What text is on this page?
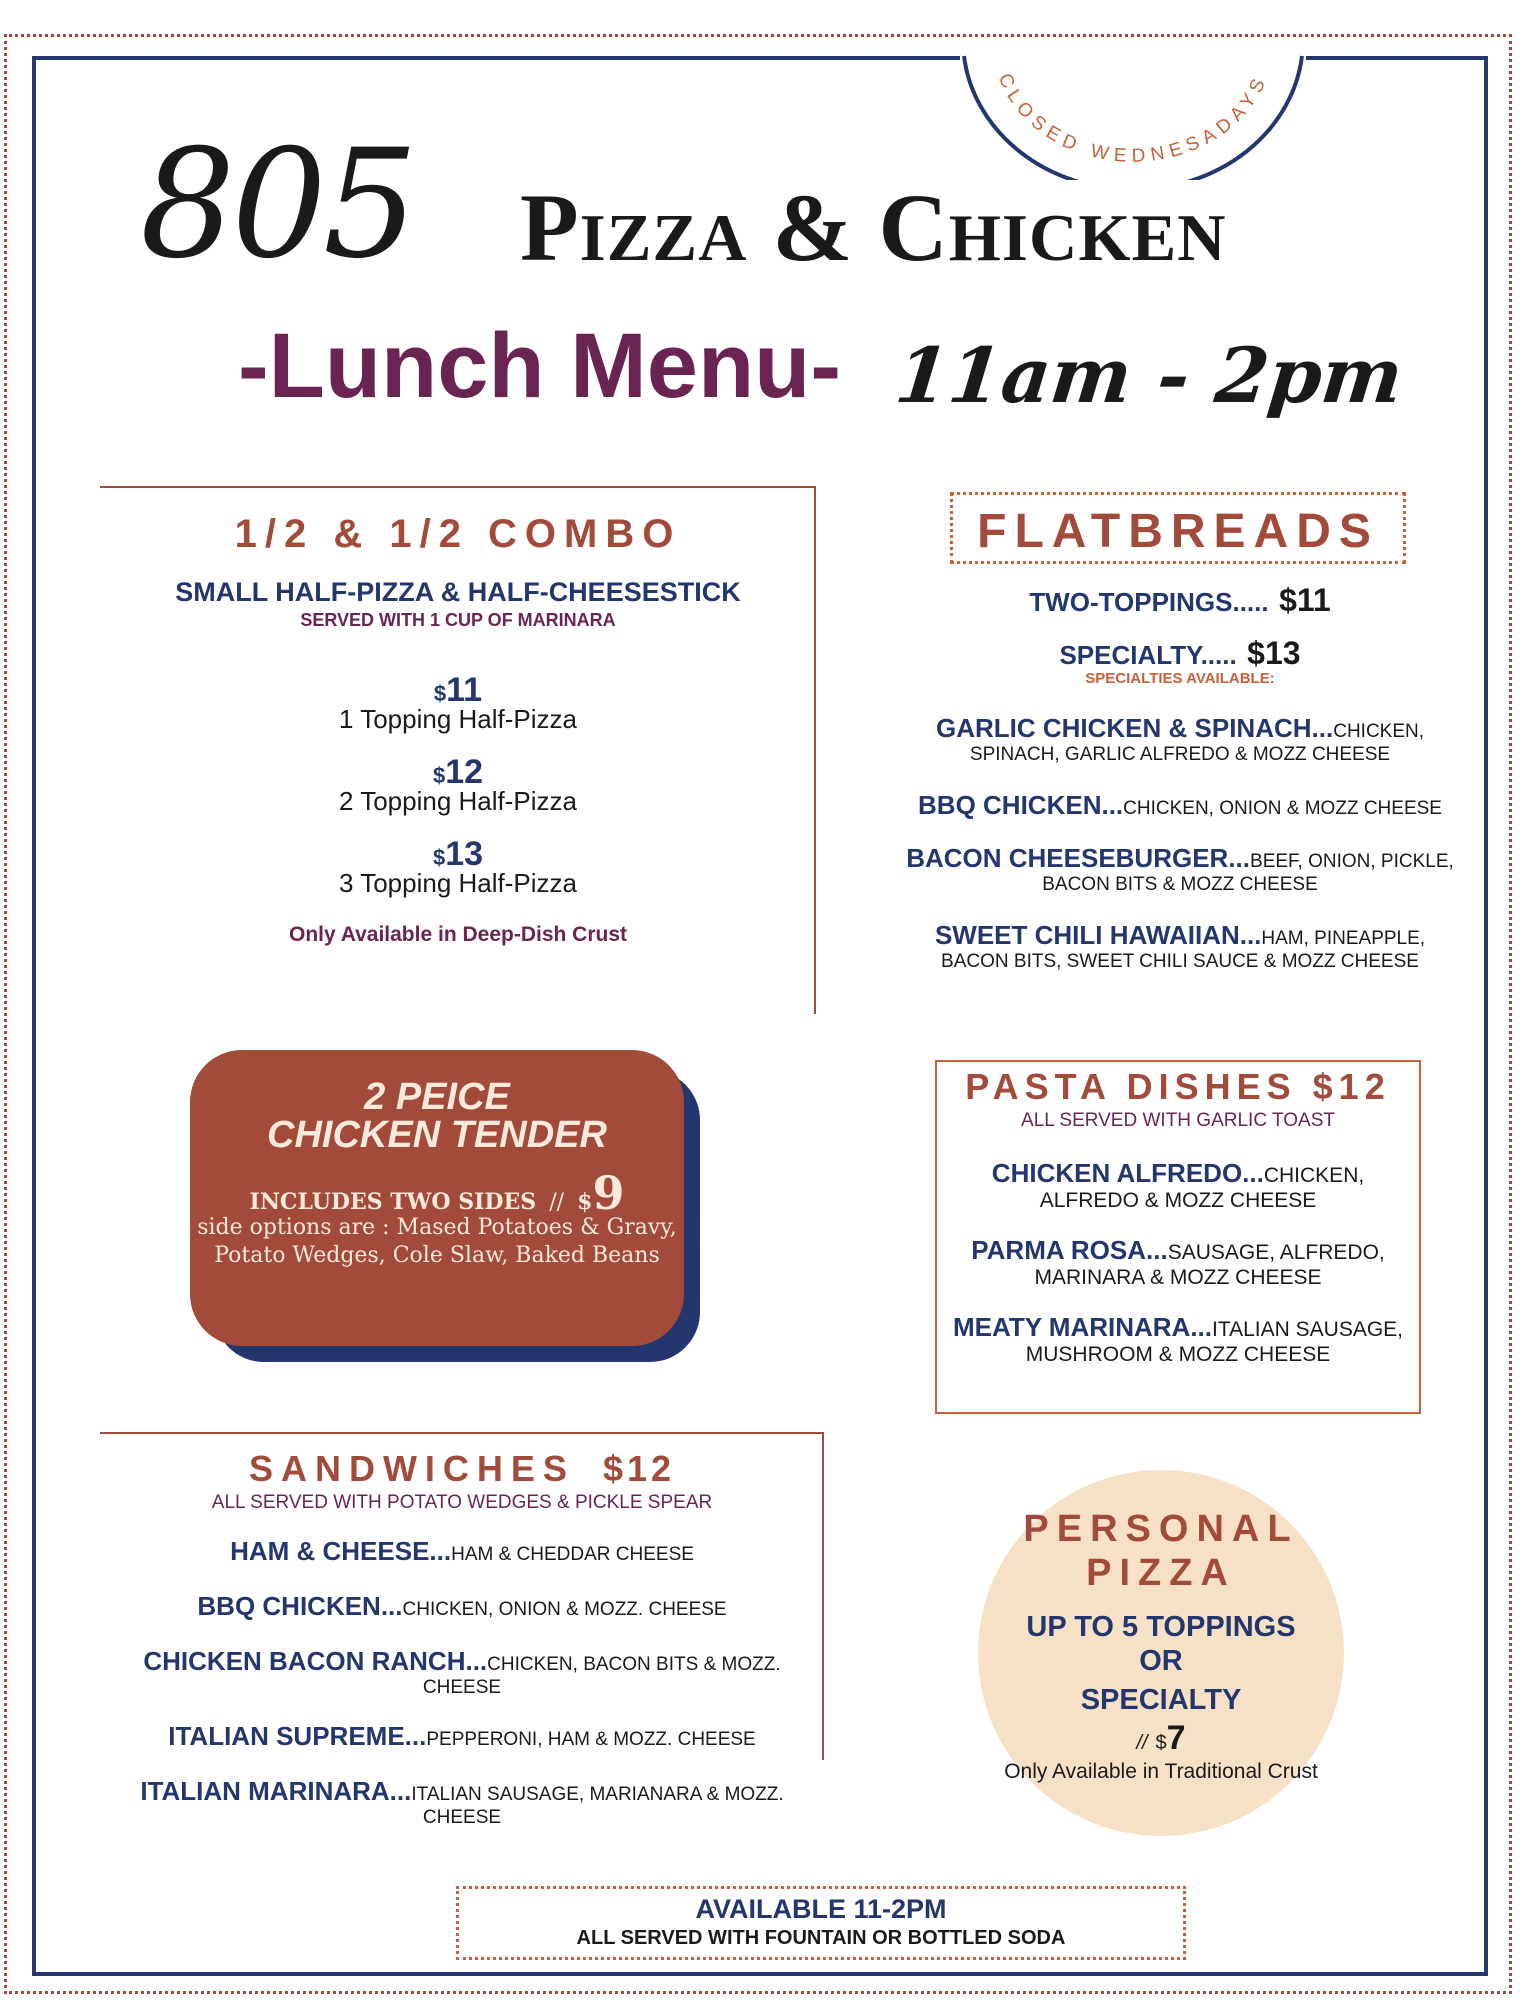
CLOSED WEDNESADAYS
805 Pizza & Chicken
-Lunch Menu- 11am - 2pm
1/2 & 1/2 COMBO
SMALL HALF-PIZZA & HALF-CHEESESTICK
SERVED WITH 1 CUP OF MARINARA
$11
1 Topping Half-Pizza
$12
2 Topping Half-Pizza
$13
3 Topping Half-Pizza
Only Available in Deep-Dish Crust
2 PEICE
CHICKEN TENDER
INCLUDES TWO SIDES // $9
side options are : Mased Potatoes & Gravy,
Potato Wedges, Cole Slaw, Baked Beans
SANDWICHES $12
ALL SERVED WITH POTATO WEDGES & PICKLE SPEAR
HAM & CHEESE...HAM & CHEDDAR CHEESE
BBQ CHICKEN...CHICKEN, ONION & MOZZ. CHEESE
CHICKEN BACON RANCH...CHICKEN, BACON BITS & MOZZ.
CHEESE
ITALIAN SUPREME...PEPPERONI, HAM & MOZZ. CHEESE
ITALIAN MARINARA...ITALIAN SAUSAGE, MARIANARA & MOZZ.
CHEESE
FLATBREADS
TWO-TOPPINGS..... $11
SPECIALTY..... $13
SPECIALTIES AVAILABLE:
GARLIC CHICKEN & SPINACH...CHICKEN,
SPINACH, GARLIC ALFREDO & MOZZ CHEESE
BBQ CHICKEN...CHICKEN, ONION & MOZZ CHEESE
BACON CHEESEBURGER...BEEF, ONION, PICKLE,
BACON BITS & MOZZ CHEESE
SWEET CHILI HAWAIIAN...HAM, PINEAPPLE,
BACON BITS, SWEET CHILI SAUCE & MOZZ CHEESE
PASTA DISHES $12
ALL SERVED WITH GARLIC TOAST
CHICKEN ALFREDO...CHICKEN,
ALFREDO & MOZZ CHEESE
PARMA ROSA...SAUSAGE, ALFREDO,
MARINARA & MOZZ CHEESE
MEATY MARINARA...ITALIAN SAUSAGE,
MUSHROOM & MOZZ CHEESE
PERSONAL
PIZZA
UP TO 5 TOPPINGS
OR
SPECIALTY
// $7
Only Available in Traditional Crust
AVAILABLE 11-2PM
ALL SERVED WITH FOUNTAIN OR BOTTLED SODA
